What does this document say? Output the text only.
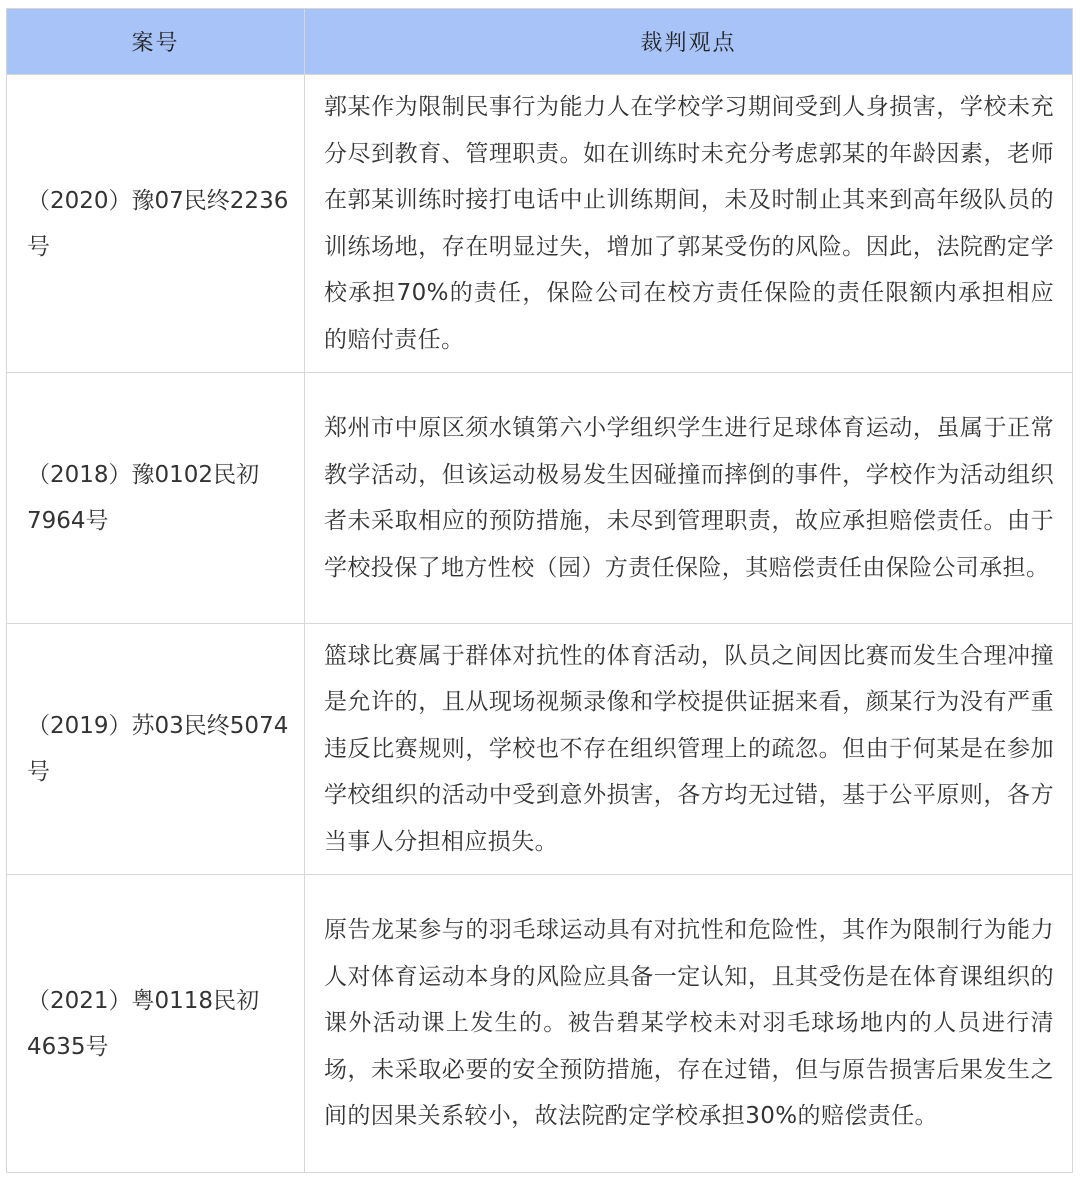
案号	裁判观点
（2020）豫07民终2236号	郭某作为限制民事行为能力人在学校学习期间受到人身损害，学校未充分尽到教育、管理职责。如在训练时未充分考虑郭某的年龄因素，老师在郭某训练时接打电话中止训练期间，未及时制止其来到高年级队员的训练场地，存在明显过失，增加了郭某受伤的风险。因此，法院酌定学校承担70%的责任，保险公司在校方责任保险的责任限额内承担相应的赔付责任。
（2018）豫0102民初7964号	郑州市中原区须水镇第六小学组织学生进行足球体育运动，虽属于正常教学活动，但该运动极易发生因碰撞而摔倒的事件，学校作为活动组织者未采取相应的预防措施，未尽到管理职责，故应承担赔偿责任。由于学校投保了地方性校（园）方责任保险，其赔偿责任由保险公司承担。
（2019）苏03民终5074号	篮球比赛属于群体对抗性的体育活动，队员之间因比赛而发生合理冲撞是允许的，且从现场视频录像和学校提供证据来看，颜某行为没有严重违反比赛规则，学校也不存在组织管理上的疏忽。但由于何某是在参加学校组织的活动中受到意外损害，各方均无过错，基于公平原则，各方当事人分担相应损失。
（2021）粤0118民初4635号	原告龙某参与的羽毛球运动具有对抗性和危险性，其作为限制行为能力人对体育运动本身的风险应具备一定认知，且其受伤是在体育课组织的课外活动课上发生的。被告碧某学校未对羽毛球场地内的人员进行清场，未采取必要的安全预防措施，存在过错，但与原告损害后果发生之间的因果关系较小，故法院酌定学校承担30%的赔偿责任。
